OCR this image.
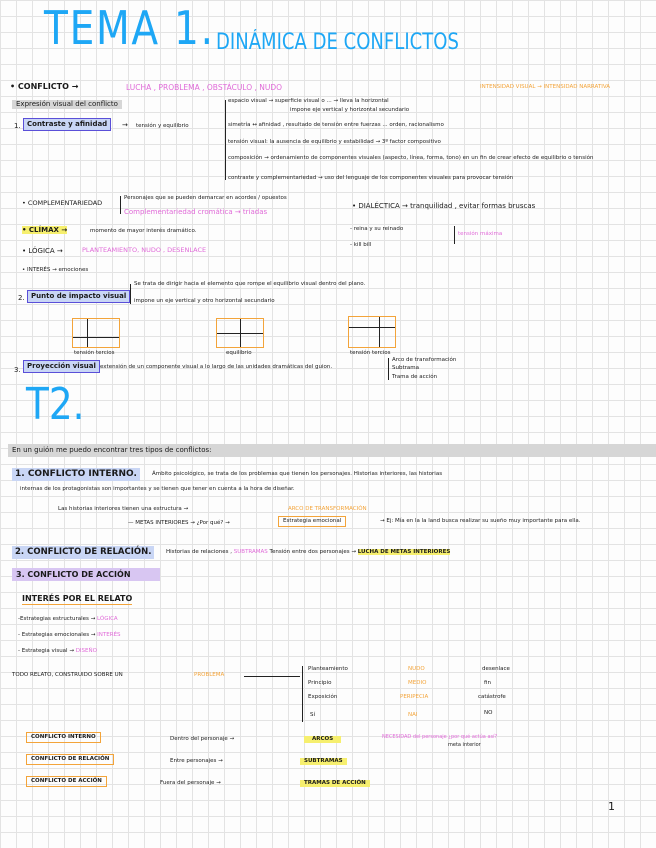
TEMA 1. DINÁMICA DE CONFLICTOS
• CONFLICTO →	LUCHA , PROBLEMA , OBSTÁCULO , NUDO	INTENSIDAD VISUAL → INTENSIDAD NARRATIVA
Expresión visual del conflicto
1. Contraste y afinidad	→ tensión y equilibrio
espacio visual → superficie visual o ... → lleva la horizontal
impone eje vertical y horizontal secundario
simetría ↔ afinidad , resultado de tensión entre fuerzas ... orden, racionalismo
tensión visual: la ausencia de equilibrio y estabilidad → 3º factor compositivo
composición → ordenamiento de componentes visuales (aspecto, línea, forma, tono) en un fin de crear efecto de equilibrio o tensión
contraste y complementariedad → uso del lenguaje de los componentes visuales para provocar tensión
• COMPLEMENTARIEDAD
Personajes que se pueden demarcar en acordes / opuestos
Complementariedad cromática → tríadas
• DIALÉCTICA → tranquilidad , evitar formas bruscas
• CLÍMAX →	momento de mayor interés dramático.	- reina y su reinado
- kill bill
tensión máxima
• LÓGICA →	PLANTEAMIENTO, NUDO , DESENLACE
• INTERÉS → emociones
2. Punto de impacto visual
Se trata de dirigir hacia el elemento que rompe el equilibrio visual dentro del plano.
impone un eje vertical y otro horizontal secundario
tensión tercios	equilibrio	tensión tercios
3. Proyección visual extensión de un componente visual a lo largo de las unidades dramáticas del guion.
Arco de transformación
Subtrama
Trama de acción
T2.
En un guión me puedo encontrar tres tipos de conflictos:
1. CONFLICTO INTERNO.	Ámbito psicológico, se trata de los problemas que tienen los personajes. Historias interiores, las historias
internas de los protagonistas son importantes y se tienen que tener en cuenta a la hora de diseñar.
Las historias interiores tienen una estructura →	ARCO DE TRANSFORMACIÓN
— METAS INTERIORES → ¿Por qué? →	Estrategia emocional	→ Ej: Mía en la la land busca realizar su sueño muy importante para ella.
2. CONFLICTO DE RELACIÓN.	Historias de relaciones , SUBTRAMAS Tensión entre dos personajes → LUCHA DE METAS INTERIORES
3. CONFLICTO DE ACCIÓN
INTERÉS POR EL RELATO
-Estrategias estructurales → LÓGICA
- Estrategias emocionales → INTERÉS
- Estrategia visual → DISEÑO
TODO RELATO, CONSTRUIDO SOBRE UN	PROBLEMA
Planteamiento	NUDO	desenlace
Principio	MEDIO	fin
Exposición	PERIPECIA	catástrofe
Sí	NAI	NO
CONFLICTO INTERNO	Dentro del personaje →	ARCOS	NECESIDAD del personaje ¿por qué actúa así?
meta interior
CONFLICTO DE RELACIÓN	Entre personajes →	SUBTRAMAS
CONFLICTO DE ACCIÓN	Fuera del personaje →	TRAMAS DE ACCIÓN
1
